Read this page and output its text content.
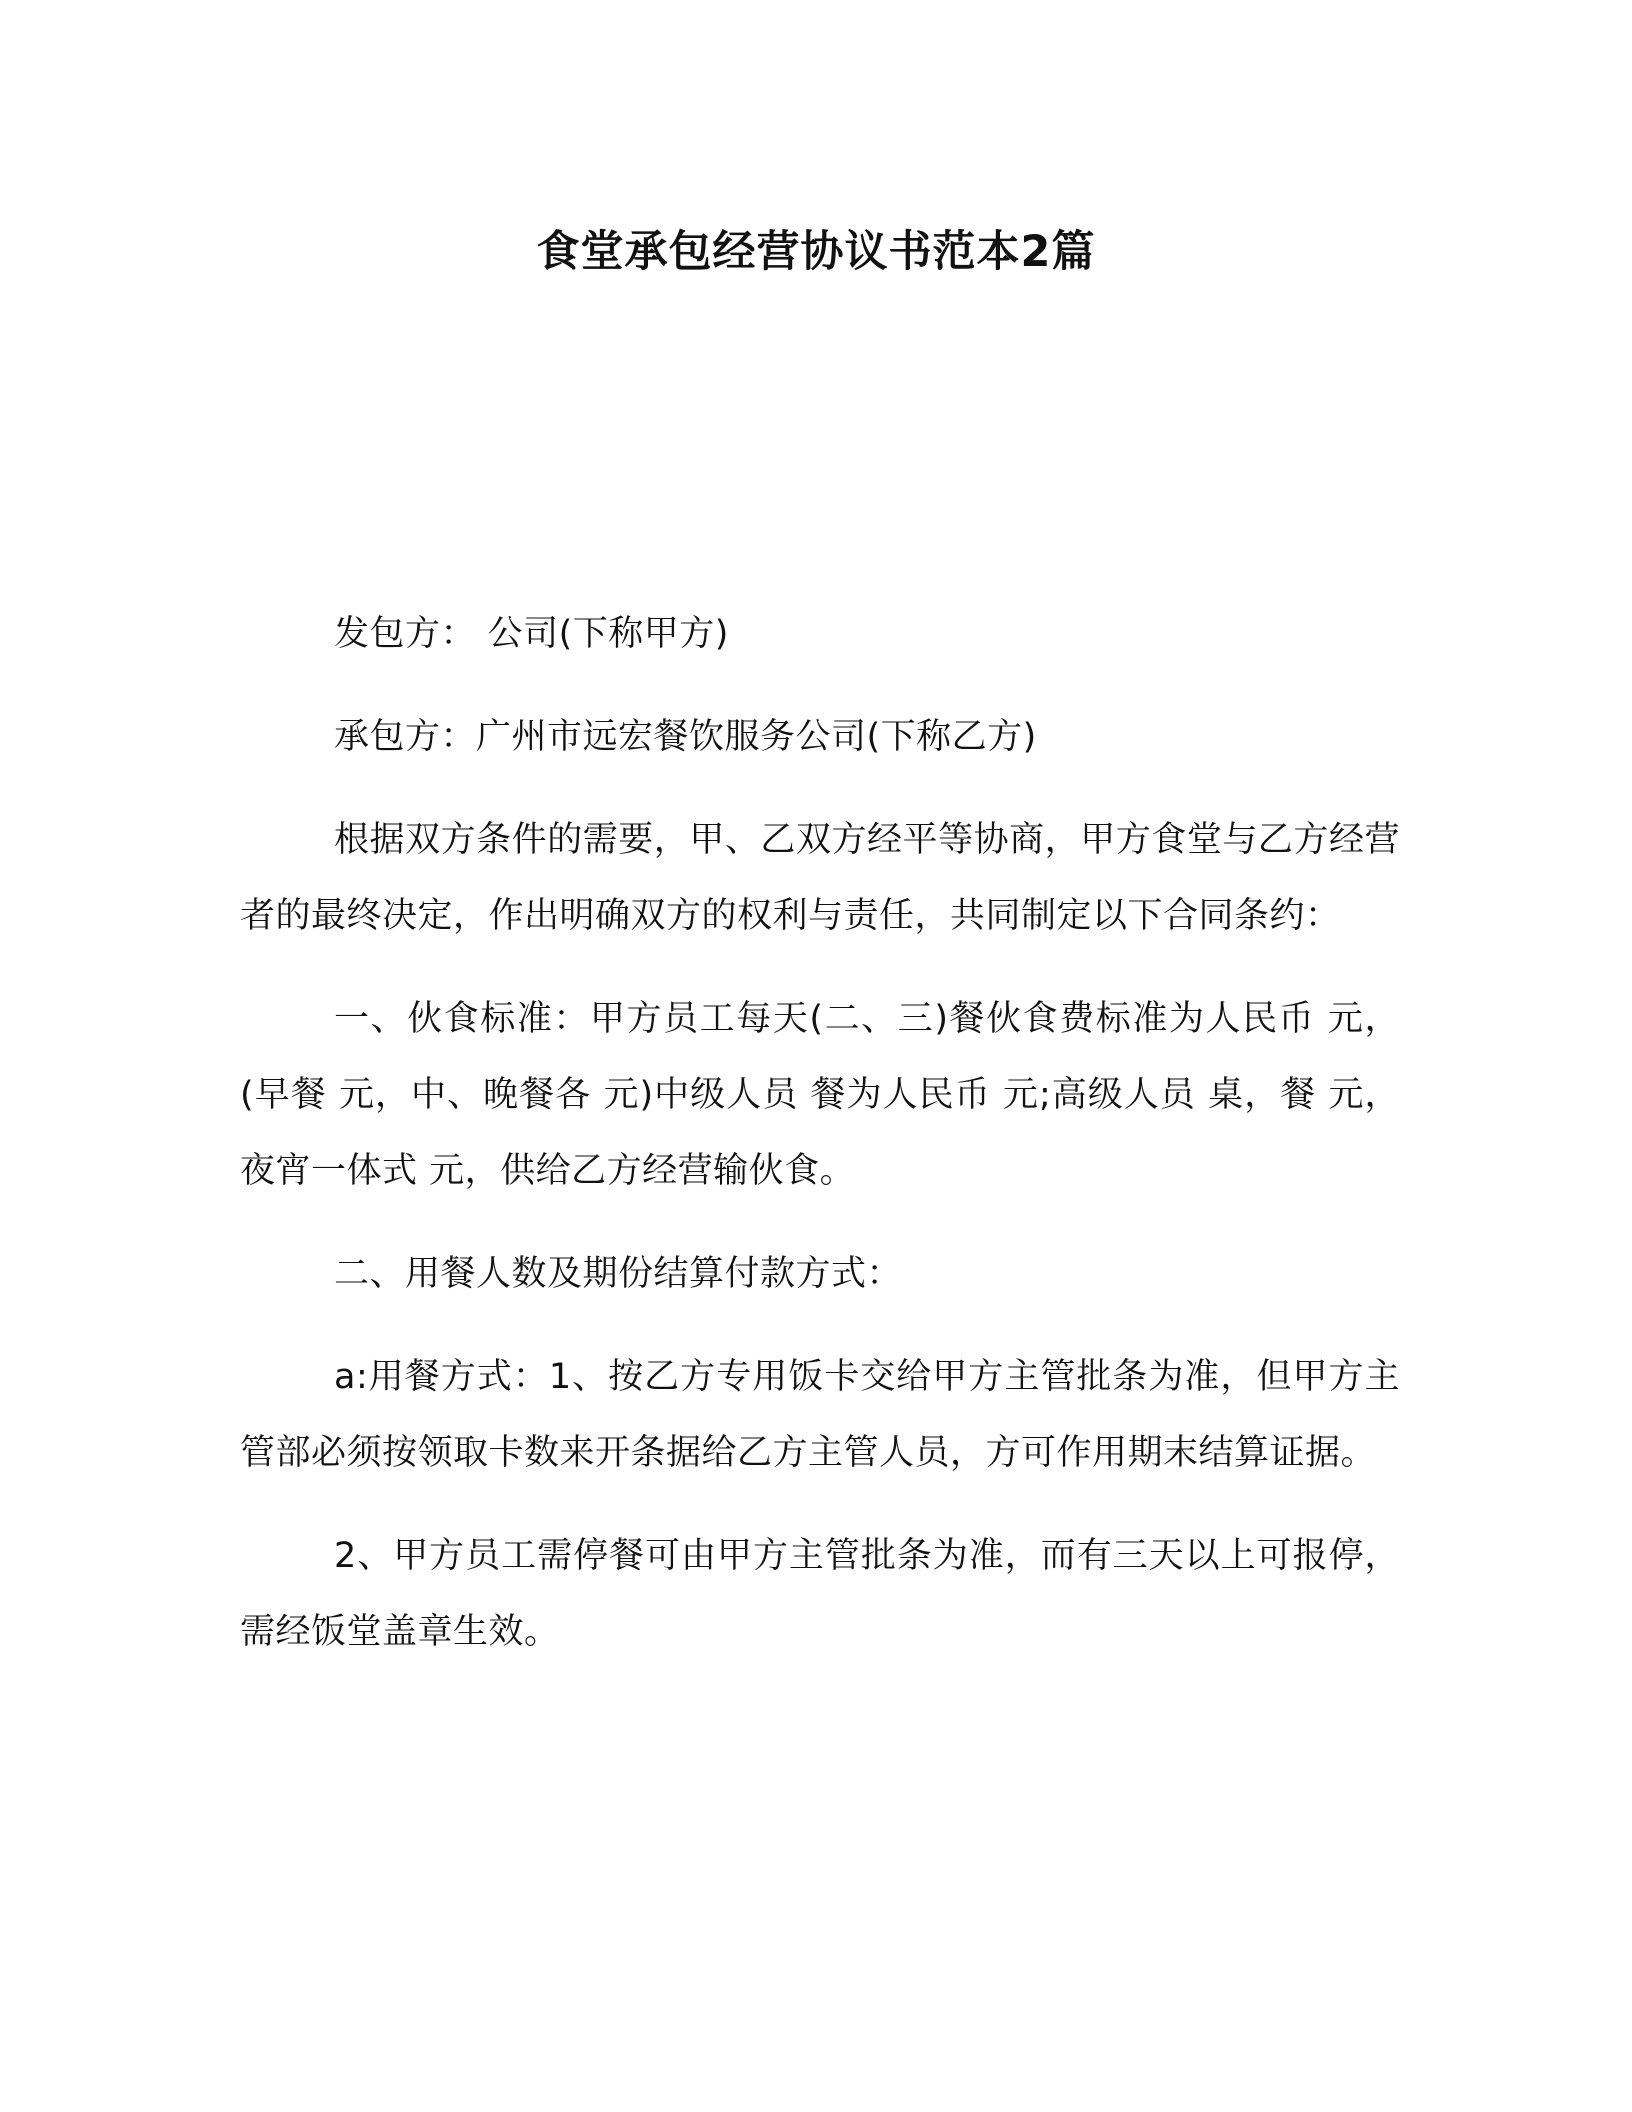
食堂承包经营协议书范本2篇

发包方： 公司(下称甲方)

承包方：广州市远宏餐饮服务公司(下称乙方)

根据双方条件的需要，甲、乙双方经平等协商，甲方食堂与乙方经营者的最终决定，作出明确双方的权利与责任，共同制定以下合同条约：

一、伙食标准：甲方员工每天(二、三)餐伙食费标准为人民币 元，(早餐 元，中、晚餐各 元)中级人员 餐为人民币 元;高级人员 桌，餐 元，夜宵一体式 元，供给乙方经营输伙食。

二、用餐人数及期份结算付款方式：

a:用餐方式：1、按乙方专用饭卡交给甲方主管批条为准，但甲方主管部必须按领取卡数来开条据给乙方主管人员，方可作用期末结算证据。

2、甲方员工需停餐可由甲方主管批条为准，而有三天以上可报停，需经饭堂盖章生效。
